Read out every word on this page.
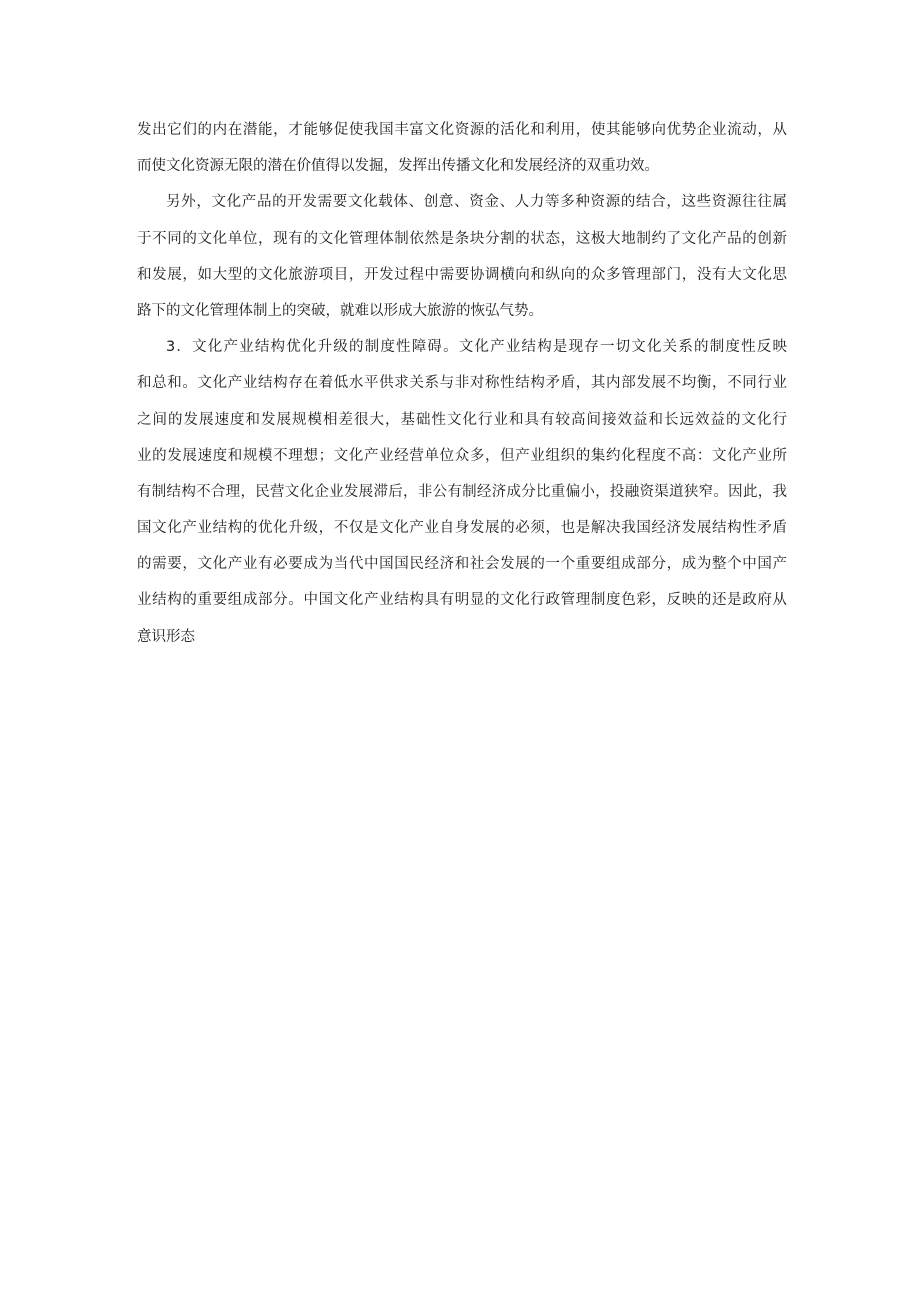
发出它们的内在潜能，才能够促使我国丰富文化资源的活化和利用，使其能够向优势企业流动，从
而使文化资源无限的潜在价值得以发掘，发挥出传播文化和发展经济的双重功效。
另外，文化产品的开发需要文化载体、创意、资金、人力等多种资源的结合，这些资源往往属
于不同的文化单位，现有的文化管理体制依然是条块分割的状态，这极大地制约了文化产品的创新
和发展，如大型的文化旅游项目，开发过程中需要协调横向和纵向的众多管理部门，没有大文化思
路下的文化管理体制上的突破，就难以形成大旅游的恢弘气势。
3．文化产业结构优化升级的制度性障碍。文化产业结构是现存一切文化关系的制度性反映
和总和。文化产业结构存在着低水平供求关系与非对称性结构矛盾，其内部发展不均衡，不同行业
之间的发展速度和发展规模相差很大，基础性文化行业和具有较高间接效益和长远效益的文化行
业的发展速度和规模不理想；文化产业经营单位众多，但产业组织的集约化程度不高：文化产业所
有制结构不合理，民营文化企业发展滞后，非公有制经济成分比重偏小，投融资渠道狭窄。因此，我
国文化产业结构的优化升级，不仅是文化产业自身发展的必须，也是解决我国经济发展结构性矛盾
的需要，文化产业有必要成为当代中国国民经济和社会发展的一个重要组成部分，成为整个中国产
业结构的重要组成部分。中国文化产业结构具有明显的文化行政管理制度色彩，反映的还是政府从
意识形态
